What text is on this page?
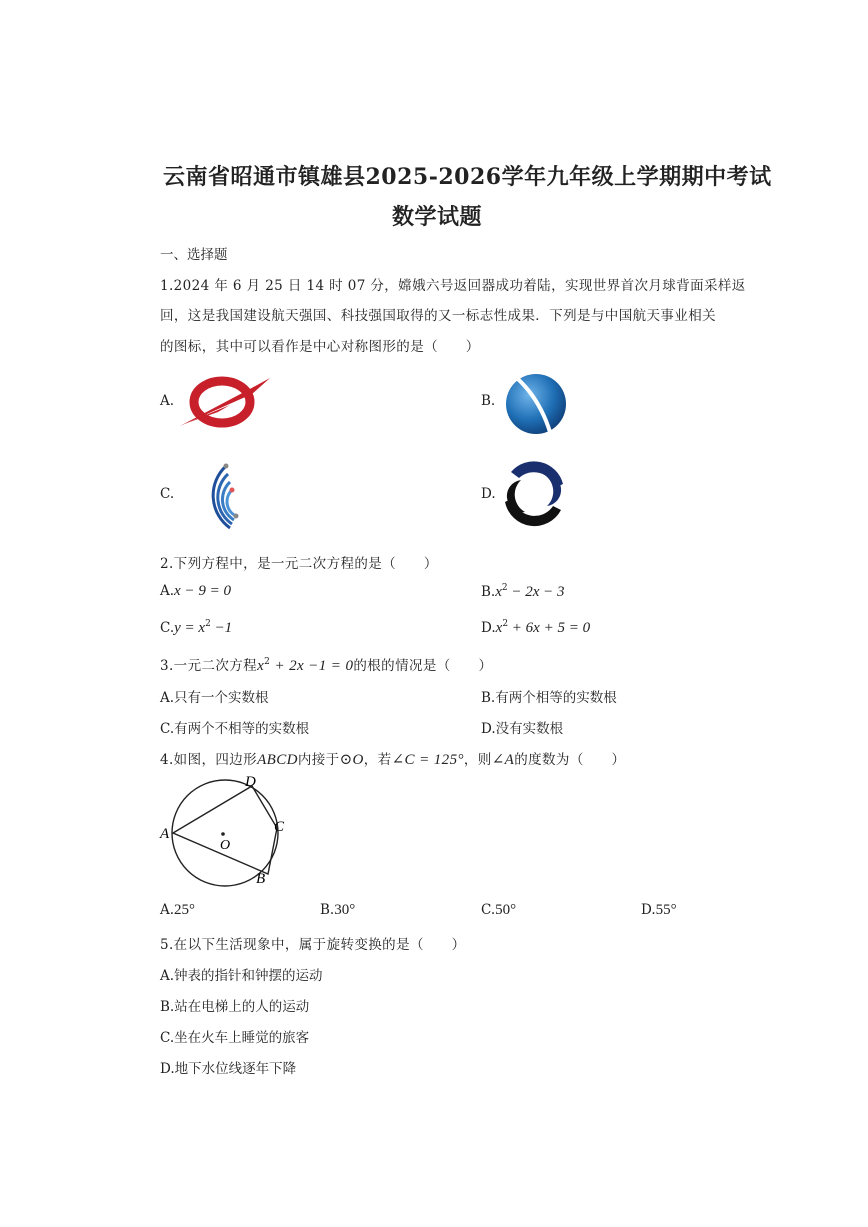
云南省昭通市镇雄县2025-2026学年九年级上学期期中考试
数学试题
一、选择题
1.2024 年 6 月 25 日 14 时 07 分，嫦娥六号返回器成功着陆，实现世界首次月球背面采样返
回，这是我国建设航天强国、科技强国取得的又一标志性成果．下列是与中国航天事业相关
的图标，其中可以看作是中心对称图形的是（　　）
A.	B.
C.	D.
2.下列方程中，是一元二次方程的是（　　）
A.x − 9 = 0	$B.x^2 - 2x - 3$
$C.y = x^2 -1$	$D.x^2 + 6x + 5 = 0$
3.一元二次方程$x^2 + 2x -1 = 0$的根的情况是（　　）
A.只有一个实数根	B.有两个相等的实数根
C.有两个不相等的实数根	D.没有实数根
4.如图，四边形ABCD内接于⊙O，若∠C = 125°，则∠A的度数为（　　）
A
D
C
B
O
A.25°	B.30°	C.50°	D.55°
5.在以下生活现象中，属于旋转变换的是（　　）
A.钟表的指针和钟摆的运动
B.站在电梯上的人的运动
C.坐在火车上睡觉的旅客
D.地下水位线逐年下降
